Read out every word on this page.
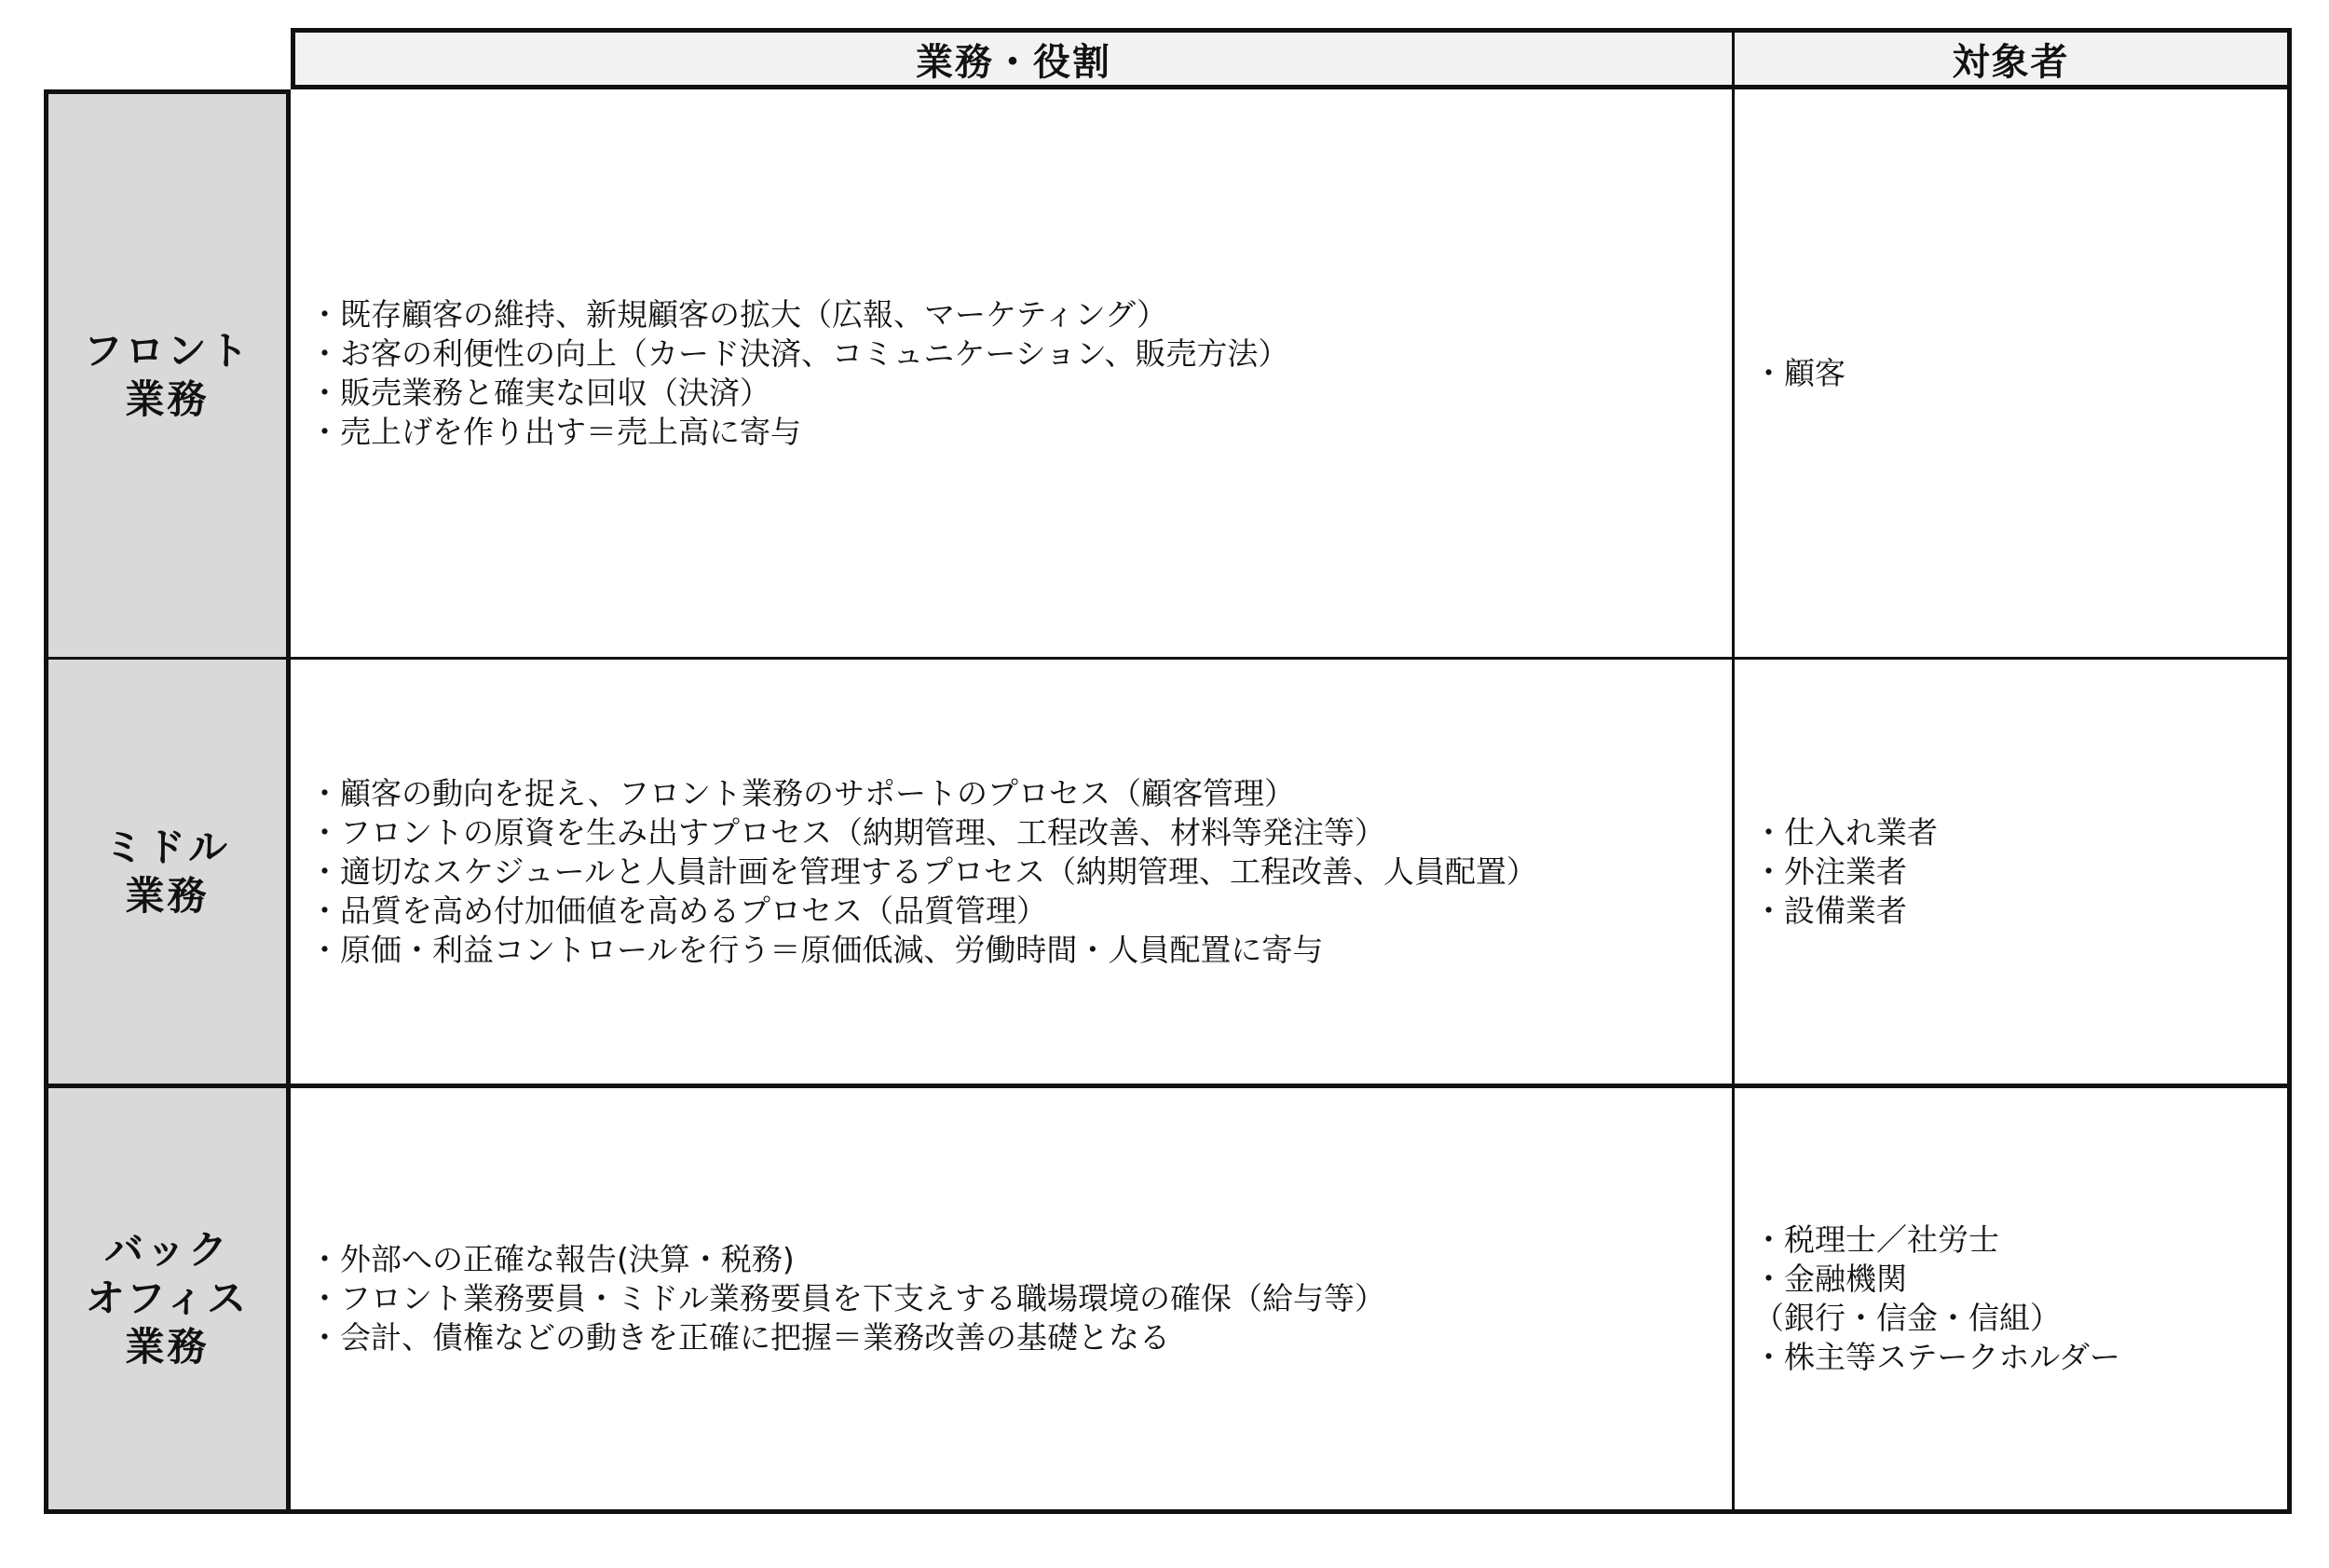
業務・役割	対象者
フロント
業務
・既存顧客の維持、新規顧客の拡大（広報、マーケティング）
・お客の利便性の向上（カード決済、コミュニケーション、販売方法）
・販売業務と確実な回収（決済）
・売上げを作り出す＝売上高に寄与
・顧客
ミドル
業務
・顧客の動向を捉え、フロント業務のサポートのプロセス（顧客管理）
・フロントの原資を生み出すプロセス（納期管理、工程改善、材料等発注等）
・適切なスケジュールと人員計画を管理するプロセス（納期管理、工程改善、人員配置）
・品質を高め付加価値を高めるプロセス（品質管理）
・原価・利益コントロールを行う＝原価低減、労働時間・人員配置に寄与
・仕入れ業者
・外注業者
・設備業者
バック
オフィス
業務
・外部への正確な報告(決算・税務)
・フロント業務要員・ミドル業務要員を下支えする職場環境の確保（給与等）
・会計、債権などの動きを正確に把握＝業務改善の基礎となる
・税理士／社労士
・金融機関
（銀行・信金・信組）
・株主等ステークホルダー
